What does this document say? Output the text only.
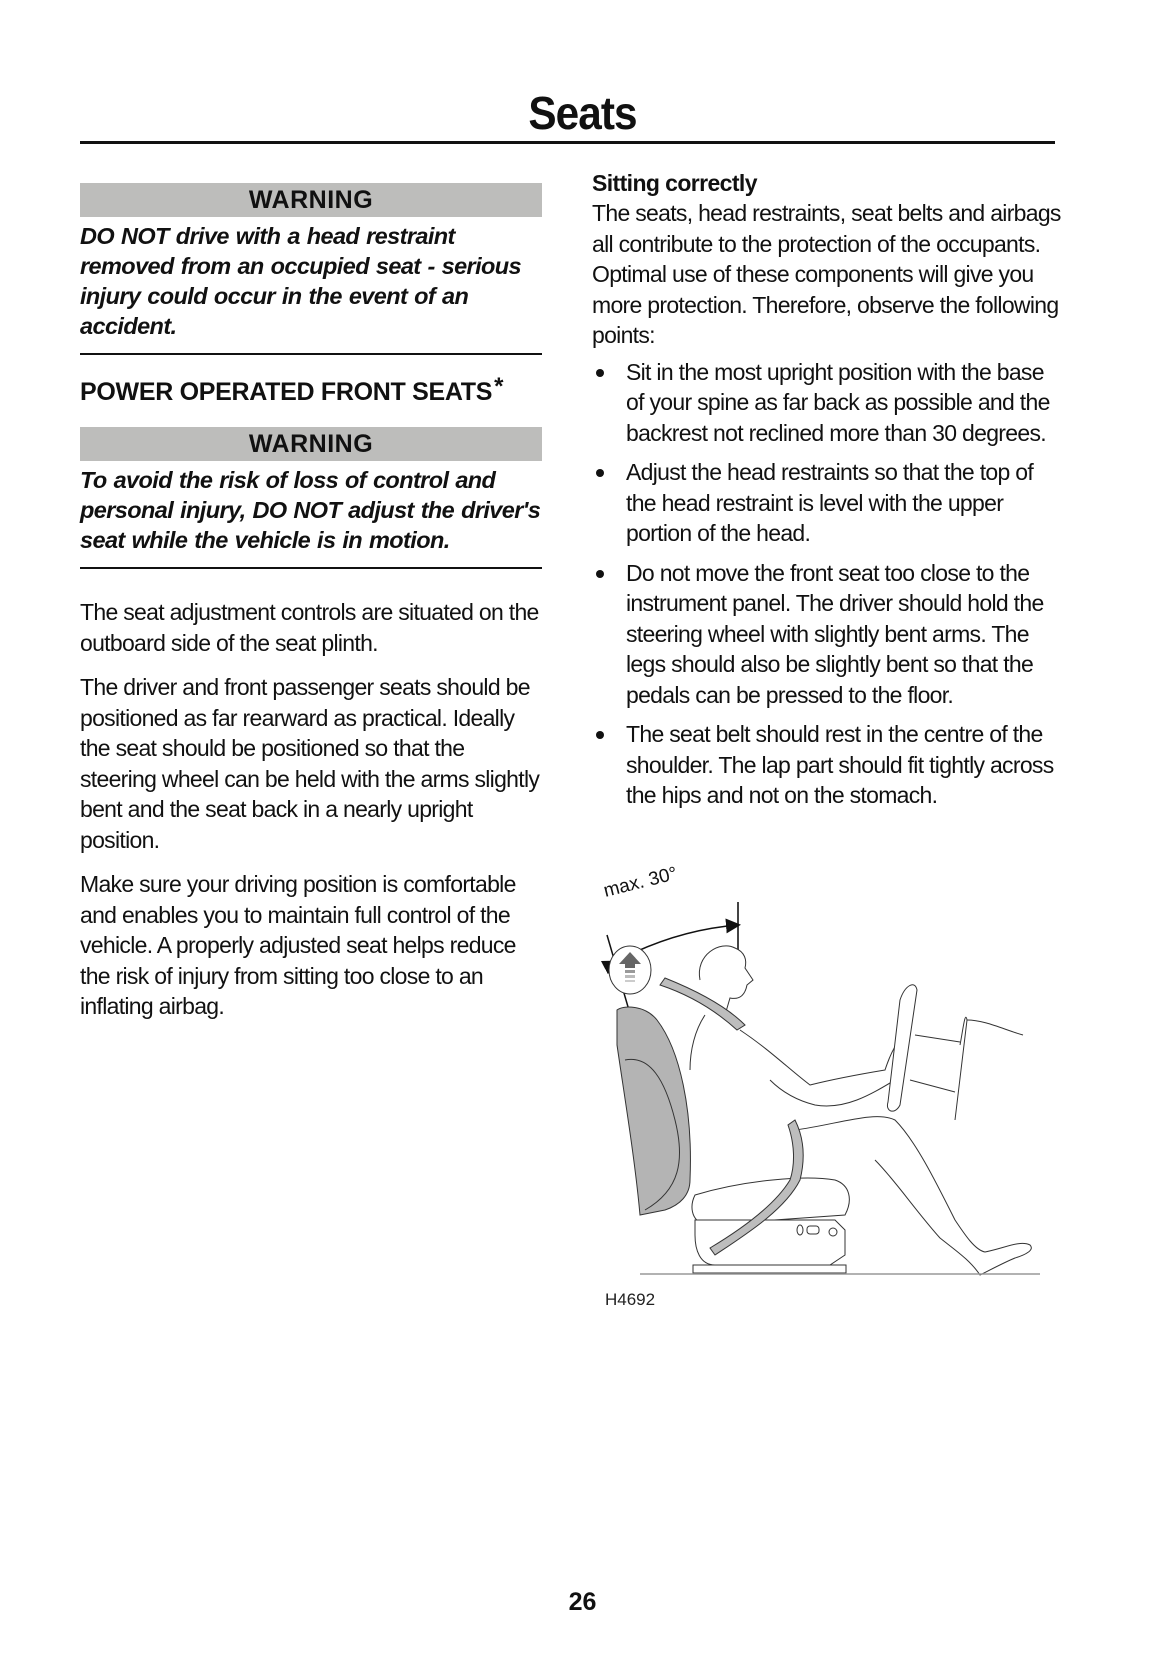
Seats
WARNING
DO NOT drive with a head restraint removed from an occupied seat - serious injury could occur in the event of an accident.
POWER OPERATED FRONT SEATS*
WARNING
To avoid the risk of loss of control and personal injury, DO NOT adjust the driver's seat while the vehicle is in motion.

The seat adjustment controls are situated on the outboard side of the seat plinth.

The driver and front passenger seats should be positioned as far rearward as practical. Ideally the seat should be positioned so that the steering wheel can be held with the arms slightly bent and the seat back in a nearly upright position.

Make sure your driving position is comfortable and enables you to maintain full control of the vehicle. A properly adjusted seat helps reduce the risk of injury from sitting too close to an inflating airbag.

Sitting correctly

The seats, head restraints, seat belts and airbags all contribute to the protection of the occupants. Optimal use of these components will give you more protection. Therefore, observe the following points:

Sit in the most upright position with the base of your spine as far back as possible and the backrest not reclined more than 30 degrees.
Adjust the head restraints so that the top of the head restraint is level with the upper portion of the head.
Do not move the front seat too close to the instrument panel. The driver should hold the steering wheel with slightly bent arms. The legs should also be slightly bent so that the pedals can be pressed to the floor.
The seat belt should rest in the centre of the shoulder. The lap part should fit tightly across the hips and not on the stomach.
max. 30°
H4692
26
